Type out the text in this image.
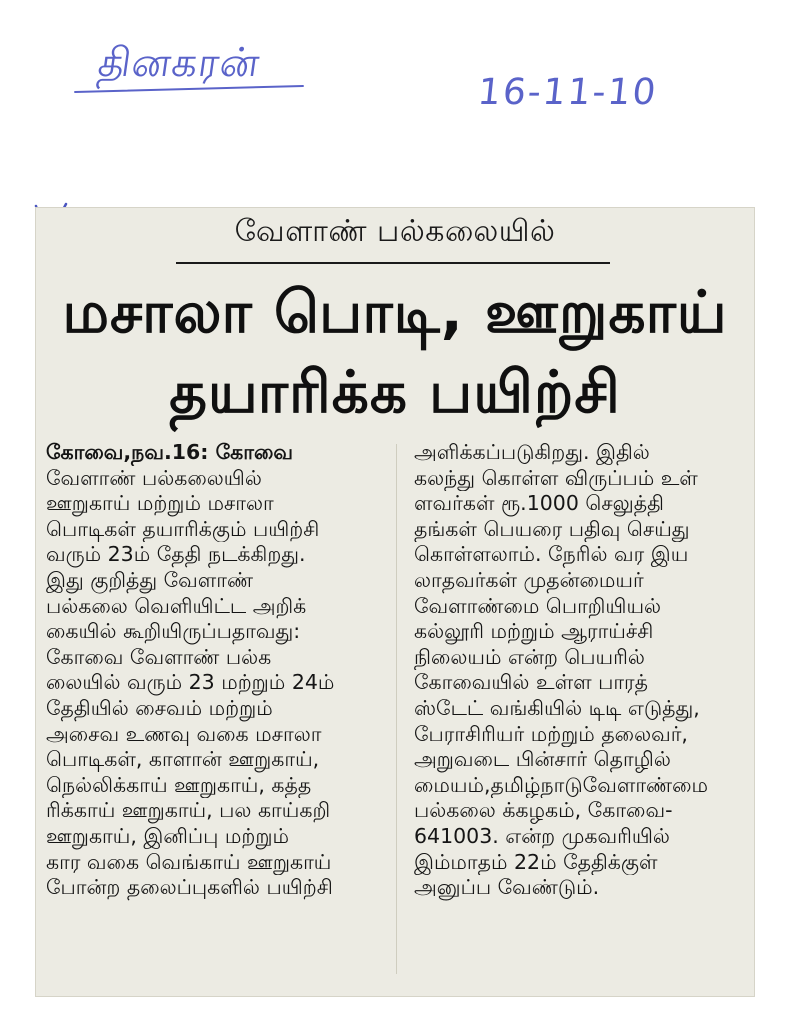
தினகரன்
16-11-10
வேளாண் பல்கலையில்
மசாலா பொடி, ஊறுகாய்
தயாரிக்க பயிற்சி
கோவை,நவ.16: கோவை
வேளாண் பல்கலையில்
ஊறுகாய் மற்றும் மசாலா
பொடிகள் தயாரிக்கும் பயிற்சி
வரும் 23ம் தேதி நடக்கிறது.
இது குறித்து வேளாண்
பல்கலை வெளியிட்ட அறிக்
கையில் கூறியிருப்பதாவது:
கோவை வேளாண் பல்க
லையில் வரும் 23 மற்றும் 24ம்
தேதியில் சைவம் மற்றும்
அசைவ உணவு வகை மசாலா
பொடிகள், காளான் ஊறுகாய்,
நெல்லிக்காய் ஊறுகாய், கத்த
ரிக்காய் ஊறுகாய், பல காய்கறி
ஊறுகாய், இனிப்பு மற்றும்
கார வகை வெங்காய் ஊறுகாய்
போன்ற தலைப்புகளில் பயிற்சி
அளிக்கப்படுகிறது. இதில்
கலந்து கொள்ள விருப்பம் உள்
ளவர்கள் ரூ.1000 செலுத்தி
தங்கள் பெயரை பதிவு செய்து
கொள்ளலாம். நேரில் வர இய
லாதவர்கள் முதன்மையர்
வேளாண்மை பொறியியல்
கல்லூரி மற்றும் ஆராய்ச்சி
நிலையம் என்ற பெயரில்
கோவையில் உள்ள பாரத்
ஸ்டேட் வங்கியில் டிடி எடுத்து,
பேராசிரியர் மற்றும் தலைவர்,
அறுவடை பின்சார் தொழில்
மையம்,தமிழ்நாடுவேளாண்மை
பல்கலை க்கழகம், கோவை-
641003. என்ற முகவரியில்
இம்மாதம் 22ம் தேதிக்குள்
அனுப்ப வேண்டும்.
